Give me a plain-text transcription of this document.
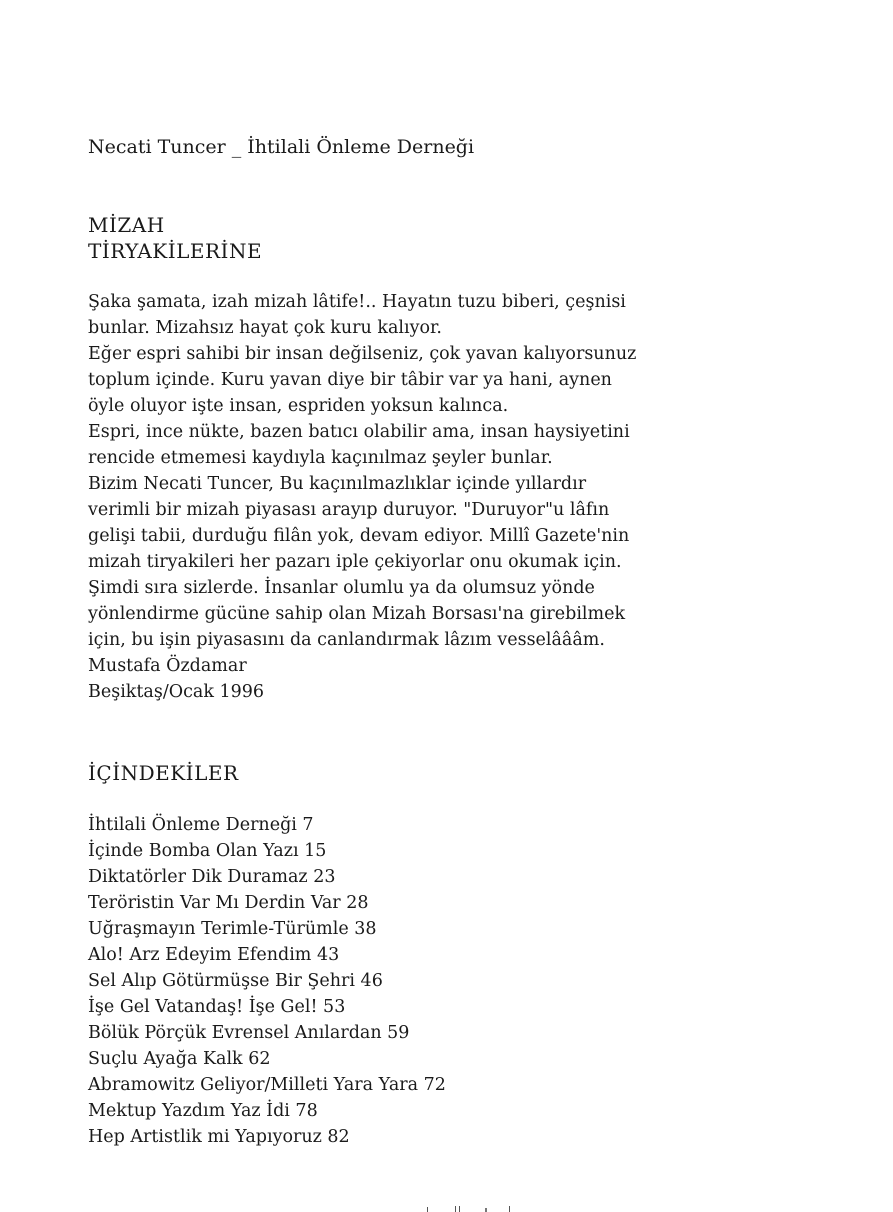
Necati Tuncer _ İhtilali Önleme Derneği
MİZAH
TİRYAKİLERİNE
Şaka şamata, izah mizah lâtife!.. Hayatın tuzu biberi, çeşnisi
bunlar. Mizahsız hayat çok kuru kalıyor.
Eğer espri sahibi bir insan değilseniz, çok yavan kalıyorsunuz
toplum içinde. Kuru yavan diye bir tâbir var ya hani, aynen
öyle oluyor işte insan, espriden yoksun kalınca.
Espri, ince nükte, bazen batıcı olabilir ama, insan haysiyetini
rencide etmemesi kaydıyla kaçınılmaz şeyler bunlar.
Bizim Necati Tuncer, Bu kaçınılmazlıklar içinde yıllardır
verimli bir mizah piyasası arayıp duruyor. "Duruyor"u lâfın
gelişi tabii, durduğu filân yok, devam ediyor. Millî Gazete'nin
mizah tiryakileri her pazarı iple çekiyorlar onu okumak için.
Şimdi sıra sizlerde. İnsanlar olumlu ya da olumsuz yönde
yönlendirme gücüne sahip olan Mizah Borsası'na girebilmek
için, bu işin piyasasını da canlandırmak lâzım vesselâââm.
Mustafa Özdamar
Beşiktaş/Ocak 1996
İÇİNDEKİLER
İhtilali Önleme Derneği 7
İçinde Bomba Olan Yazı 15
Diktatörler Dik Duramaz 23
Teröristin Var Mı Derdin Var 28
Uğraşmayın Terimle-Türümle 38
Alo! Arz Edeyim Efendim 43
Sel Alıp Götürmüşse Bir Şehri 46
İşe Gel Vatandaş! İşe Gel! 53
Bölük Pörçük Evrensel Anılardan 59
Suçlu Ayağa Kalk 62
Abramowitz Geliyor/Milleti Yara Yara 72
Mektup Yazdım Yaz İdi 78
Hep Artistlik mi Yapıyoruz 82
